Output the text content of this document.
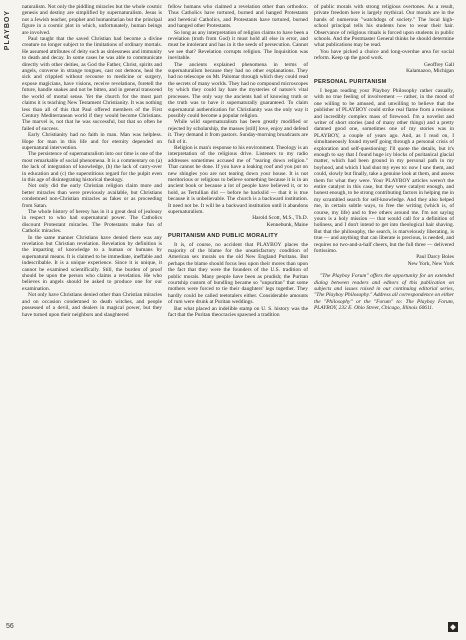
PLAYBOY

naturalism. Not only the piddling miracles but the whole cosmic genesis and destiny are simplified by supernaturalism. Jesus is not a Jewish teacher, prophet and humanitarian but the principal figure in a cosmic plot in which, unfortunately, human beings are involved.

Paul taught that the saved Christian had become a divine creature no longer subject to the limitations of ordinary mortals. He assumed attributes of deity such as sinlessness and immunity to death and decay. In some cases he was able to communicate directly with other deities, as God the Father, Christ, spirits and angels, converse in strange tongues, cast out demons, heal the sick and crippled without recourse to medicine or surgery, expose magicians, have visions, receive revelations, foretell the future, handle snakes and not be bitten, and in general transcend the world of mortal sense. Yet the church for the most part claims it is teaching New Testament Christianity. It was nothing less than all of this that Paul offered members of the First Century Mediterranean world if they would become Christians. The marvel is, not that he was successful, but that so often he failed of success.

Early Christianity had no faith in man. Man was helpless. Hope for man in this life and for eternity depended on supernatural intervention.

The persistence of supernaturalism into our time is one of the most remarkable of social phenomena. It is a commentary on (a) the lack of integration of knowledge, (b) the lack of carry-over in education and (c) the superstitious regard for the pulpit even in this age of disintegrating historical theology.

Not only did the early Christian religion claim more and better miracles than were previously available, but Christians condemned non-Christian miracles as fakes or as proceeding from Satan.

The whole history of heresy has in it a great deal of jealousy in respect to who had supernatural power. The Catholics discount Protestant miracles. The Protestants make fun of Catholic miracles.

In the same manner Christians have denied there was any revelation but Christian revelation. Revelation by definition is the imparting of knowledge to a human or humans by supernatural means. It is claimed to be immediate, ineffable and indescribable. It is a unique experience. Since it is unique, it cannot be examined scientifically. Still, the burden of proof should be upon the person who claims a revelation. He who believes in angels should be asked to produce one for our examination.

Not only have Christians denied other than Christian miracles and on occasion condemned to death witches, and people possessed of a devil, and dealers in magical power, but they have turned upon their neighbors and slaughtered

fellow humans who claimed a revelation other than orthodox. Thus Catholics have tortured, burned and hanged Protestants and heretical Catholics, and Protestants have tortured, burned and hanged other Protestants.

So long as any interpretation of religion claims to have been a revelation (truth from God) it must hold all else in error, and must be intolerant and has in it the seeds of persecution. Cannot we see that? Revelation corrupts religion. The Inquisition was inevitable.

The ancients explained phenomena in terms of supernaturalism because they had no other explanations. They had no telescope on Mt. Palomar through which they could read the secrets of many worlds. They had no compound microscopes by which they could lay bare the mysteries of nature's vital processes. The only way the ancients had of knowing truth or the truth was to have it supernaturally guaranteed. To claim supernatural authentication for Christianity was the only way it possibly could become a popular religion.

While wild supernaturalism has been greatly modified or rejected by scholarship, the masses [still] love, enjoy and defend it. They demand it from pastors. Sunday-morning broadcasts are full of it.

Religion is man's response to his environment. Theology is an interpretation of the religious drive. Listeners to my radio addresses sometimes accused me of "tearing down religion." That cannot be done. If you have a leaking roof and you put on new shingles you are not tearing down your house. It is not meritorious or religious to believe something because it is in an ancient book or because a lot of people have believed it, or to hold, as Tertullian did — before he backslid — that it is true because it is unbelievable. The church is a backward institution. It need not be. It will be a backward institution until it abandons supernaturalism.

Harold Scott, M.S., Th.D.

Kennebunk, Maine

PURITANISM AND PUBLIC MORALITY

It is, of course, no accident that PLAYBOY places the majority of the blame for the unsatisfactory condition of American sex morals on the old New England Puritans. But perhaps the blame should focus less upon their mores than upon the fact that they were the founders of the U.S. tradition of public morals. Many people have been as prudish; the Puritan courtship custom of bundling became so "unpuritan" that some mothers were forced to tie their daughters' legs together. They hardly could be called teetotalers either. Considerable amounts of rum were drunk at Puritan weddings.

But what placed an indelible stamp on U. S. history was the fact that the Puritan theocracies spawned a tradition

of public morals with strong religious overtones. As a result, private freedom here is largely mythical. Our morals are in the hands of numerous "watchdogs of society." The local high-school principal tells his students how to wear their hair. Observance of religious rituals is forced upon students in public schools. And the Postmaster General thinks he should determine what publications may be read.

You have picked a choice and long-overdue area for social reform. Keep up the good work.

Geoffrey Gall

Kalamazoo, Michigan

PERSONAL PURITANISM

I began reading your Playboy Philosophy rather casually, with no true feeling of involvement — rather, in the mood of one willing to be amused, and unwilling to believe that the publisher of PLAYBOY could strike real flame from a resinous and incredibly complex mass of firewood. I'm a novelist and writer of short stories (and of many other things) and a pretty damned good one, sometimes one of my stories was in PLAYBOY, a couple of years ago. And, as I read on, I simultaneously found myself going through a personal crisis of exploration and self-questioning: I'll quote the details, but it's enough to say that I found huge icy blocks of puritanical glacial matter, which had been ground in my personal path in my boyhood, and which I had shut my eyes to: now I saw them, and could, slowly but finally, take a genuine look at them, and assess them for what they were. Your PLAYBOY articles weren't the entire catalyst in this case, but they were catalyst enough, and honest enough, to be strong contributing factors in helping me in my scrambled search for self-knowledge. And they also helped me, in certain subtle ways, to free the writing (which is, of course, my life) and to free others around me. I'm not saying yours is a holy mission — that would call for a definition of holiness, and I don't intend to get into theological hair shaving. But that the philosophy, the search, is marvelously liberating, is true — and anything that can liberate is precious, is needed, and requires no two-and-a-half cheers, but the full three — delivered fortissimo.

Paul Darcy Boles

New York, New York

"The Playboy Forum" offers the opportunity for an extended dialog between readers and editors of this publication on subjects and issues raised in our continuing editorial series, "The Playboy Philosophy." Address all correspondence on either the "Philosophy" or the "Forum" to: The Playboy Forum, PLAYBOY, 232 E. Ohio Street, Chicago, Illinois 60611.

56	◆
